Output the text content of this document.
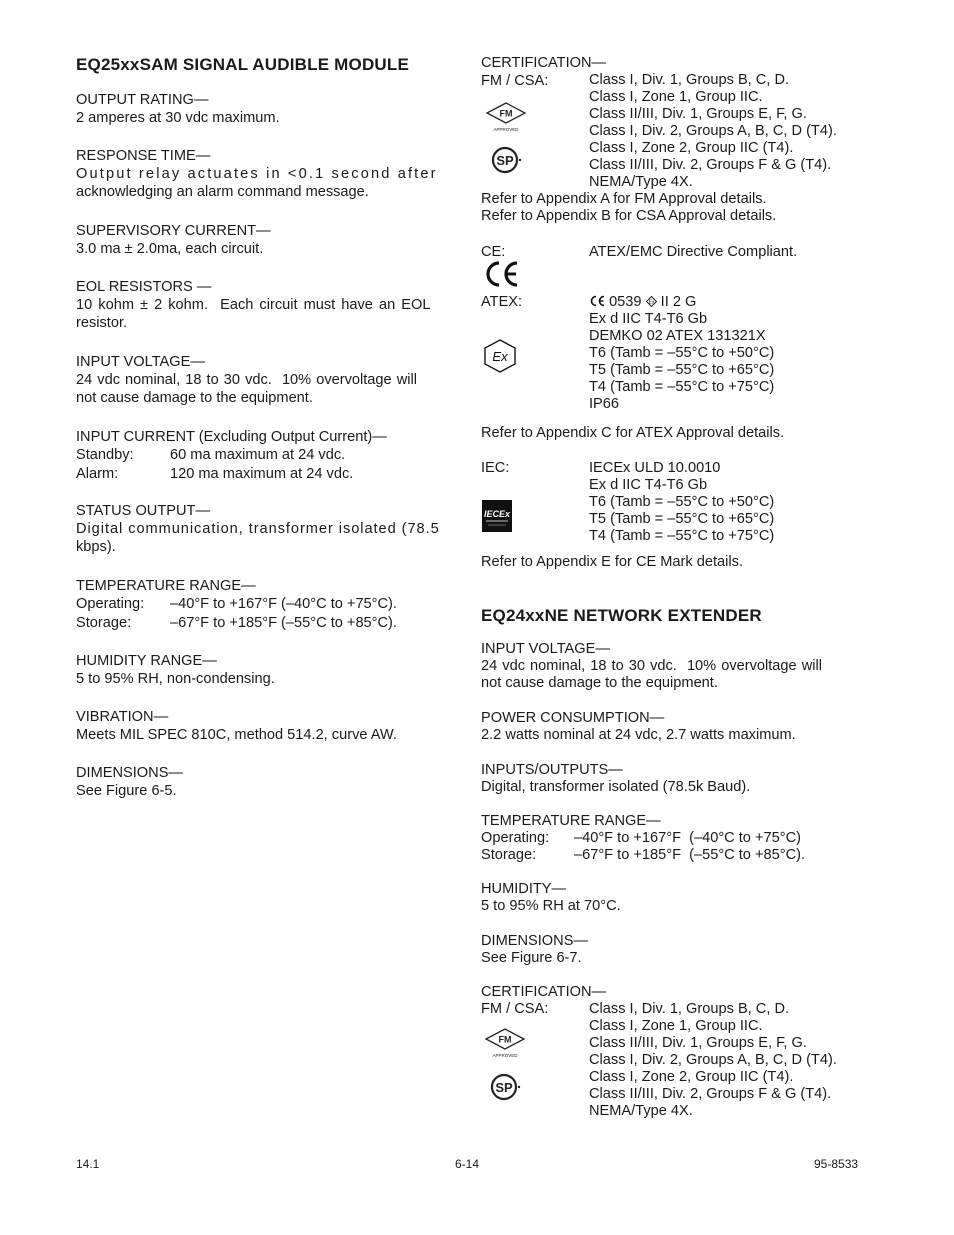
EQ25xxSAM SIGNAL AUDIBLE MODULE

OUTPUT RATING—

2 amperes at 30 vdc maximum.

RESPONSE TIME—

Output relay actuates in <0.1 second after

acknowledging an alarm command message.

SUPERVISORY CURRENT—

3.0 ma ± 2.0ma, each circuit.

EOL RESISTORS —

10 kohm ± 2 kohm.  Each circuit must have an EOL

resistor.

INPUT VOLTAGE—

24 vdc nominal, 18 to 30 vdc.  10% overvoltage will

not cause damage to the equipment.

INPUT CURRENT (Excluding Output Current)—

Standby:	60 ma maximum at 24 vdc.
Alarm:	120 ma maximum at 24 vdc.

STATUS OUTPUT—

Digital communication, transformer isolated (78.5

kbps).

TEMPERATURE RANGE—

Operating:	–40°F to +167°F (–40°C to +75°C).
Storage:	–67°F to +185°F (–55°C to +85°C).

HUMIDITY RANGE—

5 to 95% RH, non-condensing.

VIBRATION—

Meets MIL SPEC 810C, method 514.2, curve AW.

DIMENSIONS—

See Figure 6-5.

CERTIFICATION—

FM / CSA:	Class I, Div. 1, Groups B, C, D.
Class I, Zone 1, Group IIC.
Class II/III, Div. 1, Groups E, F, G.
Class I, Div. 2, Groups A, B, C, D (T4).
Class I, Zone 2, Group IIC (T4).
Class II/III, Div. 2, Groups F & G (T4).
NEMA/Type 4X.

Refer to Appendix A for FM Approval details.

Refer to Appendix B for CSA Approval details.

FM
APPROVED
SP
CE:	ATEX/EMC Directive Compliant.
ATEX:	0539 Ex II 2 G
Ex d IIC T4-T6 Gb
DEMKO 02 ATEX 131321X
T6 (Tamb = –55°C to +50°C)
T5 (Tamb = –55°C to +65°C)
T4 (Tamb = –55°C to +75°C)
IP66
Ex
Refer to Appendix C for ATEX Approval details.
IEC:	IECEx ULD 10.0010
Ex d IIC T4-T6 Gb
T6 (Tamb = –55°C to +50°C)
T5 (Tamb = –55°C to +65°C)
T4 (Tamb = –55°C to +75°C)
IECEx
Refer to Appendix E for CE Mark details.

EQ24xxNE NETWORK EXTENDER

INPUT VOLTAGE—

24 vdc nominal, 18 to 30 vdc.  10% overvoltage will

not cause damage to the equipment.

POWER CONSUMPTION—

2.2 watts nominal at 24 vdc, 2.7 watts maximum.

INPUTS/OUTPUTS—

Digital, transformer isolated (78.5k Baud).

TEMPERATURE RANGE—

Operating:	–40°F to +167°F  (–40°C to +75°C)
Storage:	–67°F to +185°F  (–55°C to +85°C).

HUMIDITY—

5 to 95% RH at 70°C.

DIMENSIONS—

See Figure 6-7.

CERTIFICATION—

FM / CSA:	Class I, Div. 1, Groups B, C, D.
Class I, Zone 1, Group IIC.
Class II/III, Div. 1, Groups E, F, G.
Class I, Div. 2, Groups A, B, C, D (T4).
Class I, Zone 2, Group IIC (T4).
Class II/III, Div. 2, Groups F & G (T4).
NEMA/Type 4X.
FM
APPROVED
SP
14.1	6-14	95-8533
